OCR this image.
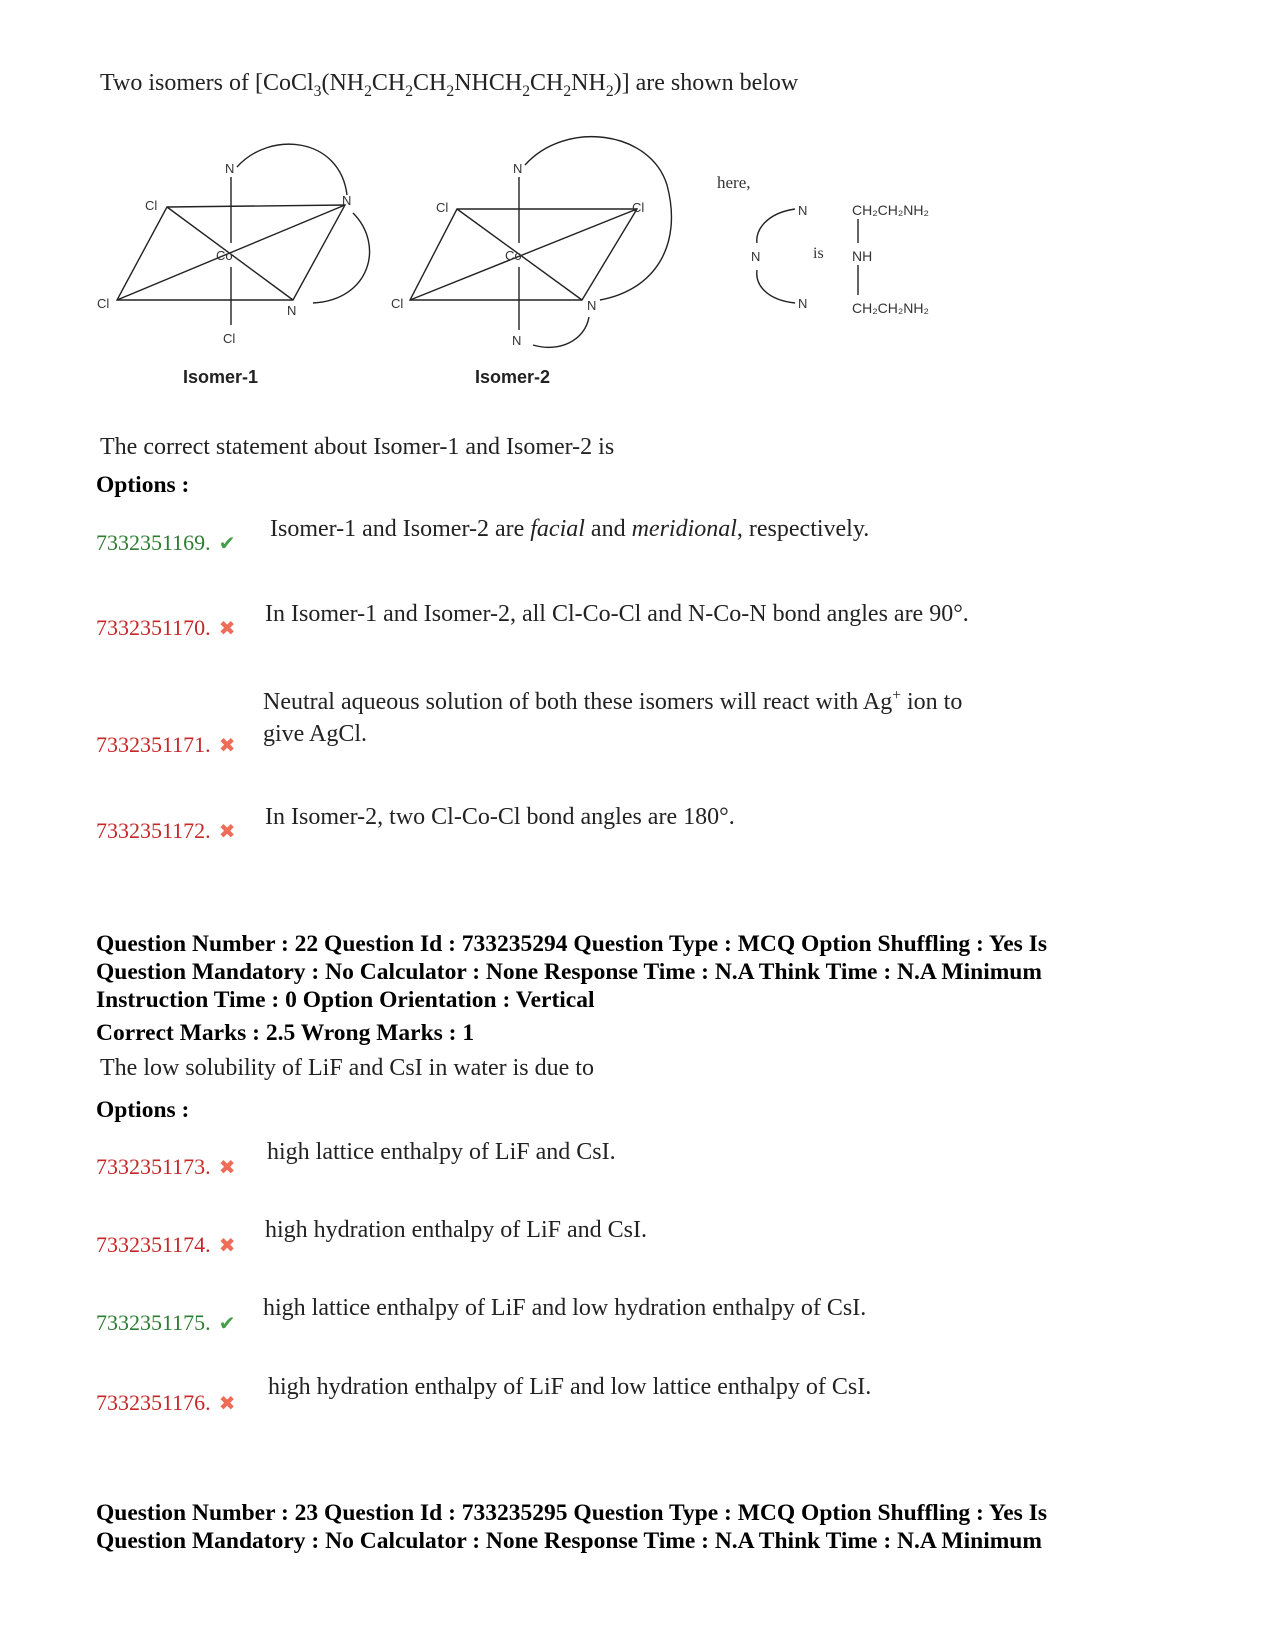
Two isomers of $[CoCl_3(NH_2CH_2CH_2NHCH_2CH_2NH_2)]$ are shown below
N
Cl	N
Co
Cl	N
Cl
Isomer-1
N
Cl	Cl
Co
Cl	N
N
Isomer-2
here,
N
N
N
is
CH₂CH₂NH₂
NH
CH₂CH₂NH₂
The correct statement about Isomer-1 and Isomer-2 is
Options :
7332351169. ✔
Isomer-1 and Isomer-2 are facial and meridional, respectively.
7332351170. ✖
In Isomer-1 and Isomer-2, all Cl-Co-Cl and N-Co-N bond angles are 90°.
7332351171. ✖
Neutral aqueous solution of both these isomers will react with Ag+ ion to
give AgCl.
7332351172. ✖
In Isomer-2, two Cl-Co-Cl bond angles are 180°.
Question Number : 22 Question Id : 733235294 Question Type : MCQ Option Shuffling : Yes Is
Question Mandatory : No Calculator : None Response Time : N.A Think Time : N.A Minimum
Instruction Time : 0 Option Orientation : Vertical
Correct Marks : 2.5 Wrong Marks : 1
The low solubility of LiF and CsI in water is due to
Options :
7332351173. ✖
high lattice enthalpy of LiF and CsI.
7332351174. ✖
high hydration enthalpy of LiF and CsI.
7332351175. ✔
high lattice enthalpy of LiF and low hydration enthalpy of CsI.
7332351176. ✖
high hydration enthalpy of LiF and low lattice enthalpy of CsI.
Question Number : 23 Question Id : 733235295 Question Type : MCQ Option Shuffling : Yes Is
Question Mandatory : No Calculator : None Response Time : N.A Think Time : N.A Minimum
